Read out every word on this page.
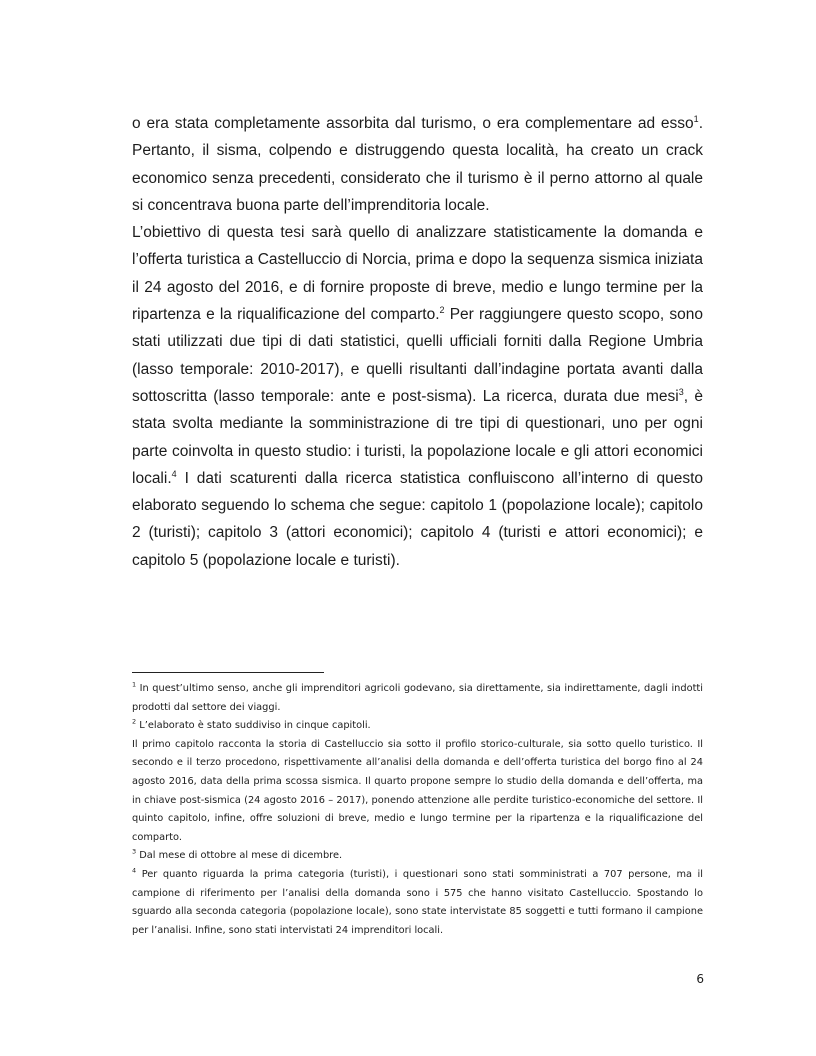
o era stata completamente assorbita dal turismo, o era complementare ad esso$^1$. Pertanto, il sisma, colpendo e distruggendo questa località, ha creato un crack economico senza precedenti, considerato che il turismo è il perno attorno al quale si concentrava buona parte dell’imprenditoria locale.

L’obiettivo di questa tesi sarà quello di analizzare statisticamente la domanda e l’offerta turistica a Castelluccio di Norcia, prima e dopo la sequenza sismica iniziata il 24 agosto del 2016, e di fornire proposte di breve, medio e lungo termine per la ripartenza e la riqualificazione del comparto.$^2$ Per raggiungere questo scopo, sono stati utilizzati due tipi di dati statistici, quelli ufficiali forniti dalla Regione Umbria (lasso temporale: 2010-2017), e quelli risultanti dall’indagine portata avanti dalla sottoscritta (lasso temporale: ante e post-sisma). La ricerca, durata due mesi$^3$, è stata svolta mediante la somministrazione di tre tipi di questionari, uno per ogni parte coinvolta in questo studio: i turisti, la popolazione locale e gli attori economici locali.$^4$ I dati scaturenti dalla ricerca statistica confluiscono all’interno di questo elaborato seguendo lo schema che segue: capitolo 1 (popolazione locale); capitolo 2 (turisti); capitolo 3 (attori economici); capitolo 4 (turisti e attori economici); e capitolo 5 (popolazione locale e turisti).

$^1$ In quest’ultimo senso, anche gli imprenditori agricoli godevano, sia direttamente, sia indirettamente, dagli indotti prodotti dal settore dei viaggi.

$^2$ L’elaborato è stato suddiviso in cinque capitoli.

Il primo capitolo racconta la storia di Castelluccio sia sotto il profilo storico-culturale, sia sotto quello turistico. Il secondo e il terzo procedono, rispettivamente all’analisi della domanda e dell’offerta turistica del borgo fino al 24 agosto 2016, data della prima scossa sismica. Il quarto propone sempre lo studio della domanda e dell’offerta, ma in chiave post-sismica (24 agosto 2016 – 2017), ponendo attenzione alle perdite turistico-economiche del settore. Il quinto capitolo, infine, offre soluzioni di breve, medio e lungo termine per la ripartenza e la riqualificazione del comparto.

$^3$ Dal mese di ottobre al mese di dicembre.

$^4$ Per quanto riguarda la prima categoria (turisti), i questionari sono stati somministrati a 707 persone, ma il campione di riferimento per l’analisi della domanda sono i 575 che hanno visitato Castelluccio. Spostando lo sguardo alla seconda categoria (popolazione locale), sono state intervistate 85 soggetti e tutti formano il campione per l’analisi. Infine, sono stati intervistati 24 imprenditori locali.

6
